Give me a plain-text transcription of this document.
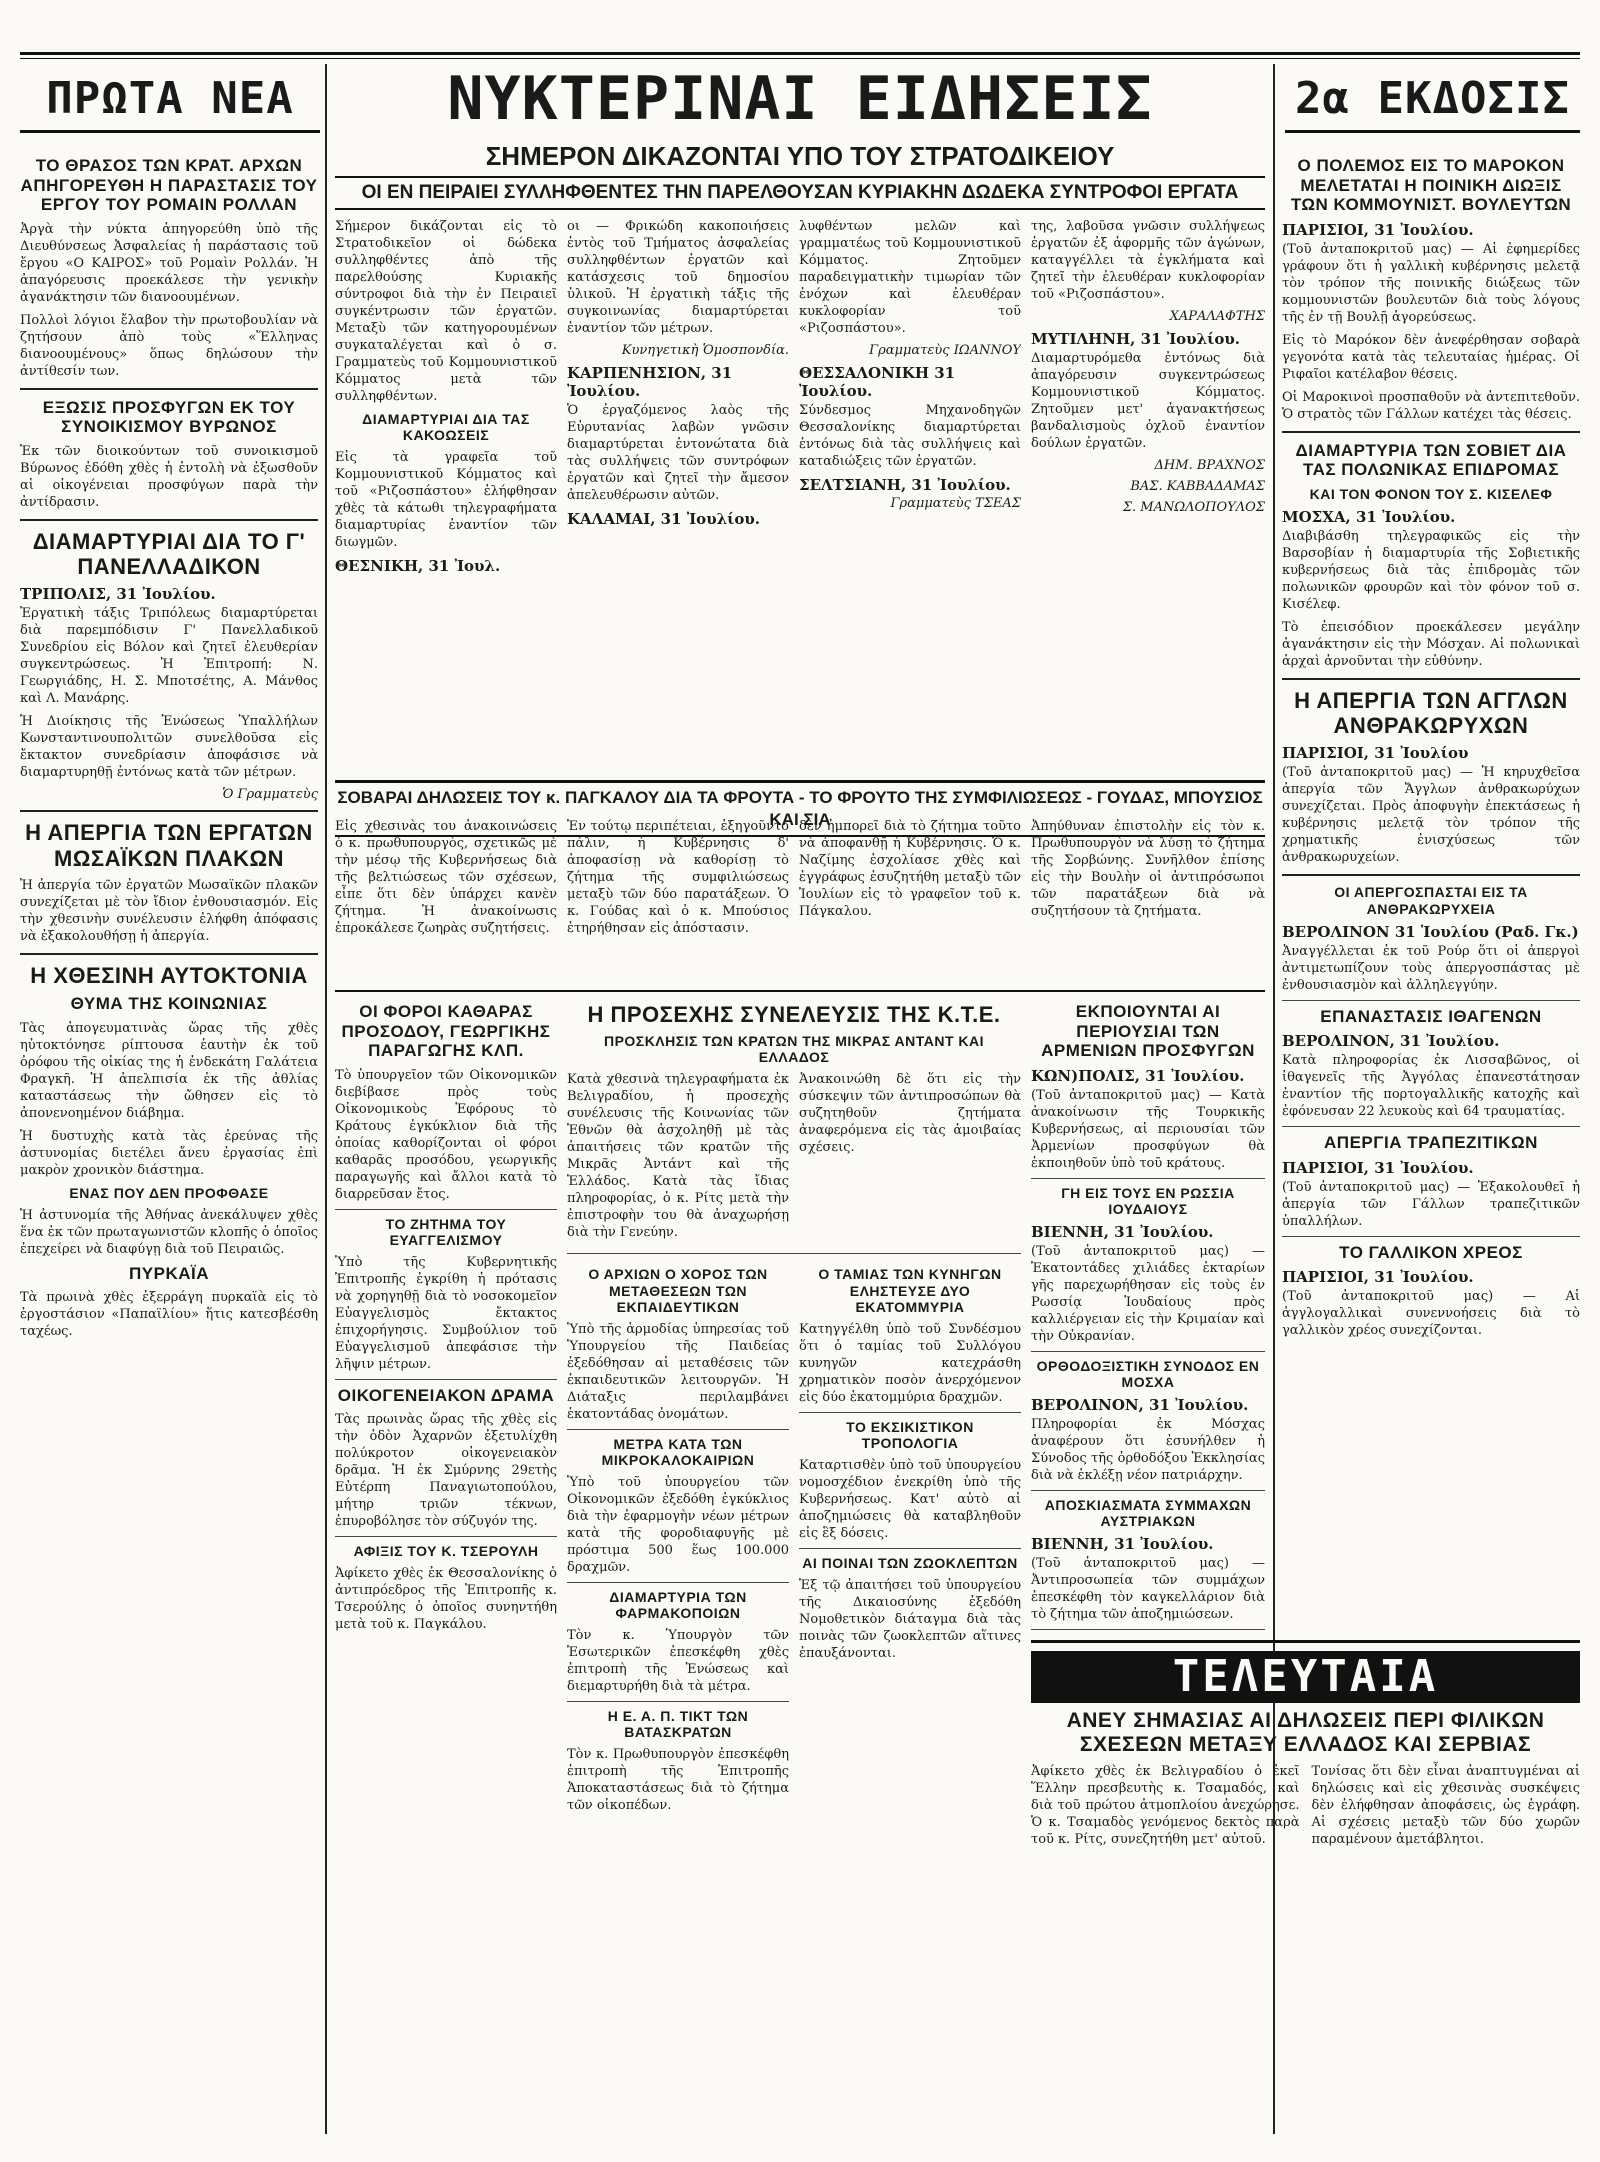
ΠΡΩΤΑ ΝΕΑ	ΝΥΚΤΕΡΙΝΑΙ ΕΙΔΗΣΕΙΣ	2α ΕΚΔΟΣΙΣ
ΣΗΜΕΡΟΝ ΔΙΚΑΖΟΝΤΑΙ ΥΠΟ ΤΟΥ ΣΤΡΑΤΟΔΙΚΕΙΟΥ
ΟΙ ΕΝ ΠΕΙΡΑΙΕΙ ΣΥΛΛΗΦΘΕΝΤΕΣ ΤΗΝ ΠΑΡΕΛΘΟΥΣΑΝ ΚΥΡΙΑΚΗΝ ΔΩΔΕΚΑ ΣΥΝΤΡΟΦΟΙ ΕΡΓΑΤΑ
ΤΟ ΘΡΑΣΟΣ ΤΩΝ ΚΡΑΤ. ΑΡΧΩΝ ΑΠΗΓΟΡΕΥΘΗ Η ΠΑΡΑΣΤΑΣΙΣ ΤΟΥ ΕΡΓΟΥ ΤΟΥ ΡΟΜΑΙΝ ΡΟΛΛΑΝ

Ἀργὰ τὴν νύκτα ἀπηγορεύθη ὑπὸ τῆς Διευθύνσεως Ἀσφαλείας ἡ παράστασις τοῦ ἔργου «Ο ΚΑΙΡΟΣ» τοῦ Ρομαὶν Ρολλάν. Ἡ ἀπαγόρευσις προεκάλεσε τὴν γενικὴν ἀγανάκτησιν τῶν διανοουμένων.

Πολλοὶ λόγιοι ἔλαβον τὴν πρωτοβουλίαν νὰ ζητήσουν ἀπὸ τοὺς «Ἕλληνας διανοουμένους» ὅπως δηλώσουν τὴν ἀντίθεσίν των.

ΕΞΩΣΙΣ ΠΡΟΣΦΥΓΩΝ ΕΚ ΤΟΥ ΣΥΝΟΙΚΙΣΜΟΥ ΒΥΡΩΝΟΣ

Ἐκ τῶν διοικούντων τοῦ συνοικισμοῦ Βύρωνος ἐδόθη χθὲς ἡ ἐντολὴ νὰ ἐξωσθοῦν αἱ οἰκογένειαι προσφύγων παρὰ τὴν ἀντίδρασιν.

ΔΙΑΜΑΡΤΥΡΙΑΙ ΔΙΑ ΤΟ Γ' ΠΑΝΕΛΛΑΔΙΚΟΝ
ΤΡΙΠΟΛΙΣ, 31 Ἰουλίου.

Ἐργατικὴ τάξις Τριπόλεως διαμαρτύρεται διὰ παρεμπόδισιν Γ' Πανελλαδικοῦ Συνεδρίου εἰς Βόλον καὶ ζητεῖ ἐλευθερίαν συγκεντρώσεως. Ἡ Ἐπιτροπή: Ν. Γεωργιάδης, Η. Σ. Μποτσέτης, Α. Μάνθος καὶ Λ. Μανάρης.

Ἡ Διοίκησις τῆς Ἑνώσεως Ὑπαλλήλων Κωνσταντινουπολιτῶν συνελθοῦσα εἰς ἔκτακτον συνεδρίασιν ἀποφάσισε νὰ διαμαρτυρηθῇ ἐντόνως κατὰ τῶν μέτρων.

Ὁ Γραμματεὺς
Η ΑΠΕΡΓΙΑ ΤΩΝ ΕΡΓΑΤΩΝ ΜΩΣΑΪΚΩΝ ΠΛΑΚΩΝ

Ἡ ἀπεργία τῶν ἐργατῶν Μωσαϊκῶν πλακῶν συνεχίζεται μὲ τὸν ἴδιον ἐνθουσιασμόν. Εἰς τὴν χθεσινὴν συνέλευσιν ἐλήφθη ἀπόφασις νὰ ἐξακολουθήσῃ ἡ ἀπεργία.

Η ΧΘΕΣΙΝΗ ΑΥΤΟΚΤΟΝΙΑ
ΘΥΜΑ ΤΗΣ ΚΟΙΝΩΝΙΑΣ

Τὰς ἀπογευματινὰς ὥρας τῆς χθὲς ηὐτοκτόνησε ρίπτουσα ἑαυτὴν ἐκ τοῦ ὀρόφου τῆς οἰκίας της ἡ ἐνδεκάτη Γαλάτεια Φραγκῆ. Ἡ ἀπελπισία ἐκ τῆς ἀθλίας καταστάσεως τὴν ὤθησεν εἰς τὸ ἀπονενοημένον διάβημα.

Ἡ δυστυχὴς κατὰ τὰς ἐρεύνας τῆς ἀστυνομίας διετέλει ἄνευ ἐργασίας ἐπὶ μακρὸν χρονικὸν διάστημα.

ΕΝΑΣ ΠΟΥ ΔΕΝ ΠΡΟΦΘΑΣΕ

Ἡ ἀστυνομία τῆς Ἀθήνας ἀνεκάλυψεν χθὲς ἕνα ἐκ τῶν πρωταγωνιστῶν κλοπῆς ὁ ὁποῖος ἐπεχείρει νὰ διαφύγῃ διὰ τοῦ Πειραιῶς.

ΠΥΡΚΑΪΑ

Τὰ πρωινὰ χθὲς ἐξερράγη πυρκαϊὰ εἰς τὸ ἐργοστάσιον «Παπαϊλίου» ἥτις κατεσβέσθη ταχέως.

Σήμερον δικάζονται εἰς τὸ Στρατοδικεῖον οἱ δώδεκα συλληφθέντες ἀπὸ τῆς παρελθούσης Κυριακῆς σύντροφοι διὰ τὴν ἐν Πειραιεῖ συγκέντρωσιν τῶν ἐργατῶν. Μεταξὺ τῶν κατηγορουμένων συγκαταλέγεται καὶ ὁ σ. Γραμματεὺς τοῦ Κομμουνιστικοῦ Κόμματος μετὰ τῶν συλληφθέντων.

ΔΙΑΜΑΡΤΥΡΙΑΙ ΔΙΑ ΤΑΣ ΚΑΚΟΩΣΕΙΣ

Εἰς τὰ γραφεῖα τοῦ Κομμουνιστικοῦ Κόμματος καὶ τοῦ «Ριζοσπάστου» ἐλήφθησαν χθὲς τὰ κάτωθι τηλεγραφήματα διαμαρτυρίας ἐναντίον τῶν διωγμῶν.

ΘΕΣΝΙΚΗ, 31 Ἰουλ.

οι — Φρικώδη κακοποιήσεις ἐντὸς τοῦ Τμήματος ἀσφαλείας συλληφθέντων ἐργατῶν καὶ κατάσχεσις τοῦ δημοσίου ὑλικοῦ. Ἡ ἐργατικὴ τάξις τῆς συγκοινωνίας διαμαρτύρεται ἐναντίον τῶν μέτρων.

Κυνηγετικὴ Ὁμοσπονδία.
ΚΑΡΠΕΝΗΣΙΟΝ, 31 Ἰουλίου.

Ὁ ἐργαζόμενος λαὸς τῆς Εὐρυτανίας λαβὼν γνῶσιν διαμαρτύρεται ἐντονώτατα διὰ τὰς συλλήψεις τῶν συντρόφων ἐργατῶν καὶ ζητεῖ τὴν ἄμεσον ἀπελευθέρωσιν αὐτῶν.

ΚΑΛΑΜΑΙ, 31 Ἰουλίου.

λυφθέντων μελῶν καὶ γραμματέως τοῦ Κομμουνιστικοῦ Κόμματος. Ζητοῦμεν παραδειγματικὴν τιμωρίαν τῶν ἐνόχων καὶ ἐλευθέραν κυκλοφορίαν τοῦ «Ριζοσπάστου».

Γραμματεὺς ΙΩΑΝΝΟΥ
ΘΕΣΣΑΛΟΝΙΚΗ 31 Ἰουλίου.

Σύνδεσμος Μηχανοδηγῶν Θεσσαλονίκης διαμαρτύρεται ἐντόνως διὰ τὰς συλλήψεις καὶ καταδιώξεις τῶν ἐργατῶν.

ΣΕΛΤΣΙΑΝΗ, 31 Ἰουλίου.
Γραμματεὺς ΤΣΕΑΣ

της, λαβοῦσα γνῶσιν συλλήψεως ἐργατῶν ἐξ ἀφορμῆς τῶν ἀγώνων, καταγγέλλει τὰ ἐγκλήματα καὶ ζητεῖ τὴν ἐλευθέραν κυκλοφορίαν τοῦ «Ριζοσπάστου».

ΧΑΡΑΛΑΦΤΗΣ
ΜΥΤΙΛΗΝΗ, 31 Ἰουλίου.

Διαμαρτυρόμεθα ἐντόνως διὰ ἀπαγόρευσιν συγκεντρώσεως Κομμουνιστικοῦ Κόμματος. Ζητοῦμεν μετ' ἀγανακτήσεως βανδαλισμοὺς ὀχλοῦ ἐναντίον δούλων ἐργατῶν.

ΔΗΜ. ΒΡΑΧΝΟΣ
ΒΑΣ. ΚΑΒΒΑΔΑΜΑΣ
Σ. ΜΑΝΩΛΟΠΟΥΛΟΣ
ΣΟΒΑΡΑΙ ΔΗΛΩΣΕΙΣ ΤΟΥ κ. ΠΑΓΚΑΛΟΥ ΔΙΑ ΤΑ ΦΡΟΥΤΑ - ΤΟ ΦΡΟΥΤΟ ΤΗΣ ΣΥΜΦΙΛΙΩΣΕΩΣ - ΓΟΥΔΑΣ, ΜΠΟΥΣΙΟΣ ΚΑΙ ΣΙΑ

Εἰς χθεσινὰς του ἀνακοινώσεις ὁ κ. πρωθυπουργὸς, σχετικῶς μὲ τὴν μέσῳ τῆς Κυβερνήσεως διὰ τῆς βελτιώσεως τῶν σχέσεων, εἶπε ὅτι δὲν ὑπάρχει κανὲν ζήτημα. Ἡ ἀνακοίνωσις ἐπροκάλεσε ζωηρὰς συζητήσεις.

Ἐν τούτῳ περιπέτειαι, ἐξηγοῦντο πάλιν, ἡ Κυβέρνησις δ' ἀποφασίσῃ νὰ καθορίσῃ τὸ ζήτημα τῆς συμφιλιώσεως μεταξὺ τῶν δύο παρατάξεων. Ὁ κ. Γούδας καὶ ὁ κ. Μπούσιος ἐτηρήθησαν εἰς ἀπόστασιν.

δὲν ἠμπορεῖ διὰ τὸ ζήτημα τοῦτο νὰ ἀποφανθῇ ἡ Κυβέρνησις. Ὁ κ. Ναζίμης ἐσχολίασε χθὲς καὶ ἐγγράφως ἐσυζητήθη μεταξὺ τῶν Ἰουλίων εἰς τὸ γραφεῖον τοῦ κ. Πάγκαλου.

Ἀπηύθυναν ἐπιστολὴν εἰς τὸν κ. Πρωθυπουργὸν νὰ λύσῃ τὸ ζήτημα τῆς Σορβώνης. Συνῆλθον ἐπίσης εἰς τὴν Βουλὴν οἱ ἀντιπρόσωποι τῶν παρατάξεων διὰ νὰ συζητήσουν τὰ ζητήματα.

ΟΙ ΦΟΡΟΙ ΚΑΘΑΡΑΣ ΠΡΟΣΟΔΟΥ, ΓΕΩΡΓΙΚΗΣ ΠΑΡΑΓΩΓΗΣ ΚΛΠ.

Τὸ ὑπουργεῖον τῶν Οἰκονομικῶν διεβίβασε πρὸς τοὺς Οἰκονομικοὺς Ἐφόρους τὸ Κράτους ἐγκύκλιον διὰ τῆς ὁποίας καθορίζονται οἱ φόροι καθαρᾶς προσόδου, γεωργικῆς παραγωγῆς καὶ ἄλλοι κατὰ τὸ διαρρεῦσαν ἔτος.

ΤΟ ΖΗΤΗΜΑ ΤΟΥ ΕΥΑΓΓΕΛΙΣΜΟΥ

Ὑπὸ τῆς Κυβερνητικῆς Ἐπιτροπῆς ἐγκρίθη ἡ πρότασις νὰ χορηγηθῇ διὰ τὸ νοσοκομεῖον Εὐαγγελισμὸς ἔκτακτος ἐπιχορήγησις. Συμβούλιον τοῦ Εὐαγγελισμοῦ ἀπεφάσισε τὴν λῆψιν μέτρων.

ΟΙΚΟΓΕΝΕΙΑΚΟΝ ΔΡΑΜΑ

Τὰς πρωινὰς ὥρας τῆς χθὲς εἰς τὴν ὁδὸν Ἀχαρνῶν ἐξετυλίχθη πολύκροτον οἰκογενειακὸν δρᾶμα. Ἡ ἐκ Σμύρνης 29ετὴς Εὐτέρπη Παναγιωτοπούλου, μήτηρ τριῶν τέκνων, ἐπυροβόλησε τὸν σύζυγόν της.

ΑΦΙΞΙΣ ΤΟΥ Κ. ΤΣΕΡΟΥΛΗ

Ἀφίκετο χθὲς ἐκ Θεσσαλονίκης ὁ ἀντιπρόεδρος τῆς Ἐπιτροπῆς κ. Τσερούλης ὁ ὁποῖος συνηντήθη μετὰ τοῦ κ. Παγκάλου.

Η ΠΡΟΣΕΧΗΣ ΣΥΝΕΛΕΥΣΙΣ ΤΗΣ Κ.Τ.Ε.
ΠΡΟΣΚΛΗΣΙΣ ΤΩΝ ΚΡΑΤΩΝ ΤΗΣ ΜΙΚΡΑΣ ΑΝΤΑΝΤ ΚΑΙ ΕΛΛΑΔΟΣ

Κατὰ χθεσινὰ τηλεγραφήματα ἐκ Βελιγραδίου, ἡ προσεχὴς συνέλευσις τῆς Κοινωνίας τῶν Ἐθνῶν θὰ ἀσχοληθῇ μὲ τὰς ἀπαιτήσεις τῶν κρατῶν τῆς Μικρᾶς Ἀντάντ καὶ τῆς Ἑλλάδος. Κατὰ τὰς ἴδιας πληροφορίας, ὁ κ. Ρίτς μετὰ τὴν ἐπιστροφὴν του θὰ ἀναχωρήσῃ διὰ τὴν Γενεύην.

Ἀνακοινώθη δὲ ὅτι εἰς τὴν σύσκεψιν τῶν ἀντιπροσώπων θὰ συζητηθοῦν ζητήματα ἀναφερόμενα εἰς τὰς ἀμοιβαίας σχέσεις.

Ο ΑΡΧΙΩΝ Ο ΧΟΡΟΣ ΤΩΝ ΜΕΤΑΘΕΣΕΩΝ ΤΩΝ ΕΚΠΑΙΔΕΥΤΙΚΩΝ

Ὑπὸ τῆς ἁρμοδίας ὑπηρεσίας τοῦ Ὑπουργείου τῆς Παιδείας ἐξεδόθησαν αἱ μεταθέσεις τῶν ἐκπαιδευτικῶν λειτουργῶν. Ἡ Διάταξις περιλαμβάνει ἑκατοντάδας ὀνομάτων.

ΜΕΤΡΑ ΚΑΤΑ ΤΩΝ ΜΙΚΡΟΚΑΛΟΚΑΙΡΙΩΝ

Ὑπὸ τοῦ ὑπουργείου τῶν Οἰκονομικῶν ἐξεδόθη ἐγκύκλιος διὰ τὴν ἐφαρμογὴν νέων μέτρων κατὰ τῆς φοροδιαφυγῆς μὲ πρόστιμα 500 ἕως 100.000 δραχμῶν.

ΔΙΑΜΑΡΤΥΡΙΑ ΤΩΝ ΦΑΡΜΑΚΟΠΟΙΩΝ

Τὸν κ. Ὑπουργὸν τῶν Ἐσωτερικῶν ἐπεσκέφθη χθὲς ἐπιτροπὴ τῆς Ἑνώσεως καὶ διεμαρτυρήθη διὰ τὰ μέτρα.

Η Ε. Α. Π. ΤΙΚΤ ΤΩΝ ΒΑΤΑΣΚΡΑΤΩΝ

Τὸν κ. Πρωθυπουργὸν ἐπεσκέφθη ἐπιτροπὴ τῆς Ἐπιτροπῆς Ἀποκαταστάσεως διὰ τὸ ζήτημα τῶν οἰκοπέδων.

Ο ΤΑΜΙΑΣ ΤΩΝ ΚΥΝΗΓΩΝ ΕΛΗΣΤΕΥΣΕ ΔΥΟ ΕΚΑΤΟΜΜΥΡΙΑ

Κατηγγέλθη ὑπὸ τοῦ Συνδέσμου ὅτι ὁ ταμίας τοῦ Συλλόγου κυνηγῶν κατεχράσθη χρηματικὸν ποσὸν ἀνερχόμενον εἰς δύο ἑκατομμύρια δραχμῶν.

ΤΟ ΕΚΣΙΚΙΣΤΙΚΟΝ ΤΡΟΠΟΛΟΓΙΑ

Καταρτισθὲν ὑπὸ τοῦ ὑπουργείου νομοσχέδιον ἐνεκρίθη ὑπὸ τῆς Κυβερνήσεως. Κατ' αὐτὸ αἱ ἀποζημιώσεις θὰ καταβληθοῦν εἰς ἓξ δόσεις.

ΑΙ ΠΟΙΝΑΙ ΤΩΝ ΖΩΟΚΛΕΠΤΩΝ

Ἐξ τῷ ἀπαιτήσει τοῦ ὑπουργείου τῆς Δικαιοσύνης ἐξεδόθη Νομοθετικὸν διάταγμα διὰ τὰς ποινὰς τῶν ζωοκλεπτῶν αἵτινες ἐπαυξάνονται.

ΕΚΠΟΙΟΥΝΤΑΙ ΑΙ ΠΕΡΙΟΥΣΙΑΙ ΤΩΝ ΑΡΜΕΝΙΩΝ ΠΡΟΣΦΥΓΩΝ
ΚΩΝ)ΠΟΛΙΣ, 31 Ἰουλίου.

(Τοῦ ἀνταποκριτοῦ μας) — Κατὰ ἀνακοίνωσιν τῆς Τουρκικῆς Κυβερνήσεως, αἱ περιουσίαι τῶν Ἀρμενίων προσφύγων θὰ ἐκποιηθοῦν ὑπὸ τοῦ κράτους.

ΓΗ ΕΙΣ ΤΟΥΣ ΕΝ ΡΩΣΣΙΑ ΙΟΥΔΑΙΟΥΣ
ΒΙΕΝΝΗ, 31 Ἰουλίου.

(Τοῦ ἀνταποκριτοῦ μας) — Ἐκατοντάδες χιλιάδες ἑκταρίων γῆς παρεχωρήθησαν εἰς τοὺς ἐν Ρωσσίᾳ Ἰουδαίους πρὸς καλλιέργειαν εἰς τὴν Κριμαίαν καὶ τὴν Οὐκρανίαν.

ΟΡΘΟΔΟΞΙΣΤΙΚΗ ΣΥΝΟΔΟΣ ΕΝ ΜΟΣΧΑ
ΒΕΡΟΛΙΝΟΝ, 31 Ἰουλίου.

Πληροφορίαι ἐκ Μόσχας ἀναφέρουν ὅτι ἐσυνήλθεν ἡ Σύνοδος τῆς ὀρθοδόξου Ἐκκλησίας διὰ νὰ ἐκλέξῃ νέον πατριάρχην.

ΑΠΟΣΚΙΑΣΜΑΤΑ ΣΥΜΜΑΧΩΝ ΑΥΣΤΡΙΑΚΩΝ
ΒΙΕΝΝΗ, 31 Ἰουλίου.

(Τοῦ ἀνταποκριτοῦ μας) — Ἀντιπροσωπεία τῶν συμμάχων ἐπεσκέφθη τὸν καγκελλάριον διὰ τὸ ζήτημα τῶν ἀποζημιώσεων.

Ο ΠΟΛΕΜΟΣ ΕΙΣ ΤΟ ΜΑΡΟΚΟΝ ΜΕΛΕΤΑΤΑΙ Η ΠΟΙΝΙΚΗ ΔΙΩΞΙΣ ΤΩΝ ΚΟΜΜΟΥΝΙΣΤ. ΒΟΥΛΕΥΤΩΝ
ΠΑΡΙΣΙΟΙ, 31 Ἰουλίου.

(Τοῦ ἀνταποκριτοῦ μας) — Αἱ ἐφημερίδες γράφουν ὅτι ἡ γαλλικὴ κυβέρνησις μελετᾷ τὸν τρόπον τῆς ποινικῆς διώξεως τῶν κομμουνιστῶν βουλευτῶν διὰ τοὺς λόγους τῆς ἐν τῇ Βουλῇ ἀγορεύσεως.

Εἰς τὸ Μαρόκον δὲν ἀνεφέρθησαν σοβαρὰ γεγονότα κατὰ τὰς τελευταίας ἡμέρας. Οἱ Ριφαῖοι κατέλαβον θέσεις.

Οἱ Μαροκινοὶ προσπαθοῦν νὰ ἀντεπιτεθοῦν. Ὁ στρατὸς τῶν Γάλλων κατέχει τὰς θέσεις.

ΔΙΑΜΑΡΤΥΡΙΑ ΤΩΝ ΣΟΒΙΕΤ ΔΙΑ ΤΑΣ ΠΟΛΩΝΙΚΑΣ ΕΠΙΔΡΟΜΑΣ
ΚΑΙ ΤΟΝ ΦΟΝΟΝ ΤΟΥ Σ. ΚΙΣΕΛΕΦ
ΜΟΣΧΑ, 31 Ἰουλίου.

Διαβιβάσθη τηλεγραφικῶς εἰς τὴν Βαρσοβίαν ἡ διαμαρτυρία τῆς Σοβιετικῆς κυβερνήσεως διὰ τὰς ἐπιδρομὰς τῶν πολωνικῶν φρουρῶν καὶ τὸν φόνον τοῦ σ. Κισέλεφ.

Τὸ ἐπεισόδιον προεκάλεσεν μεγάλην ἀγανάκτησιν εἰς τὴν Μόσχαν. Αἱ πολωνικαὶ ἀρχαὶ ἀρνοῦνται τὴν εὐθύνην.

Η ΑΠΕΡΓΙΑ ΤΩΝ ΑΓΓΛΩΝ ΑΝΘΡΑΚΩΡΥΧΩΝ
ΠΑΡΙΣΙΟΙ, 31 Ἰουλίου

(Τοῦ ἀνταποκριτοῦ μας) — Ἡ κηρυχθεῖσα ἀπεργία τῶν Ἄγγλων ἀνθρακωρύχων συνεχίζεται. Πρὸς ἀποφυγὴν ἐπεκτάσεως ἡ κυβέρνησις μελετᾷ τὸν τρόπον τῆς χρηματικῆς ἐνισχύσεως τῶν ἀνθρακωρυχείων.

ΟΙ ΑΠΕΡΓΟΣΠΑΣΤΑΙ ΕΙΣ ΤΑ ΑΝΘΡΑΚΩΡΥΧΕΙΑ
ΒΕΡΟΛΙΝΟΝ 31 Ἰουλίου (Ραδ. Γκ.)

Ἀναγγέλλεται ἐκ τοῦ Ρούρ ὅτι οἱ ἀπεργοὶ ἀντιμετωπίζουν τοὺς ἀπεργοσπάστας μὲ ἐνθουσιασμὸν καὶ ἀλληλεγγύην.

ΕΠΑΝΑΣΤΑΣΙΣ ΙΘΑΓΕΝΩΝ
ΒΕΡΟΛΙΝΟΝ, 31 Ἰουλίου.

Κατὰ πληροφορίας ἐκ Λισσαβῶνος, οἱ ἰθαγενεῖς τῆς Ἀγγόλας ἐπανεστάτησαν ἐναντίον τῆς πορτογαλλικῆς κατοχῆς καὶ ἐφόνευσαν 22 λευκοὺς καὶ 64 τραυματίας.

ΑΠΕΡΓΙΑ ΤΡΑΠΕΖΙΤΙΚΩΝ
ΠΑΡΙΣΙΟΙ, 31 Ἰουλίου.

(Τοῦ ἀνταποκριτοῦ μας) — Ἐξακολουθεῖ ἡ ἀπεργία τῶν Γάλλων τραπεζιτικῶν ὑπαλλήλων.

ΤΟ ΓΑΛΛΙΚΟΝ ΧΡΕΟΣ
ΠΑΡΙΣΙΟΙ, 31 Ἰουλίου.

(Τοῦ ἀνταποκριτοῦ μας) — Αἱ ἀγγλογαλλικαὶ συνεννοήσεις διὰ τὸ γαλλικὸν χρέος συνεχίζονται.

ΤΕΛΕΥΤΑΙΑ
ΑΝΕΥ ΣΗΜΑΣΙΑΣ ΑΙ ΔΗΛΩΣΕΙΣ ΠΕΡΙ ΦΙΛΙΚΩΝ ΣΧΕΣΕΩΝ ΜΕΤΑΞΥ ΕΛΛΑΔΟΣ ΚΑΙ ΣΕΡΒΙΑΣ

Ἀφίκετο χθὲς ἐκ Βελιγραδίου ὁ ἐκεῖ Ἕλλην πρεσβευτὴς κ. Τσαμαδός, καὶ διὰ τοῦ πρώτου ἀτμοπλοίου ἀνεχώρησε. Ὁ κ. Τσαμαδὸς γενόμενος δεκτὸς παρὰ τοῦ κ. Ρίτς, συνεζητήθη μετ' αὐτοῦ.

Τονίσας ὅτι δὲν εἶναι ἀναπτυγμέναι αἱ δηλώσεις καὶ εἰς χθεσινὰς συσκέψεις δὲν ἐλήφθησαν ἀποφάσεις, ὡς ἐγράφη. Αἱ σχέσεις μεταξὺ τῶν δύο χωρῶν παραμένουν ἀμετάβλητοι.
